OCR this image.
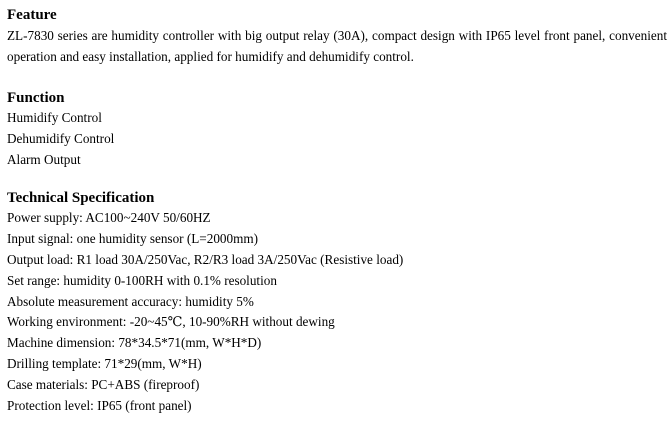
Feature

ZL-7830 series are humidity controller with big output relay (30A), compact design with IP65 level front panel, convenient operation and easy installation, applied for humidify and dehumidify control.

Function

Humidify Control

Dehumidify Control

Alarm Output

Technical Specification

Power supply: AC100~240V 50/60HZ

Input signal: one humidity sensor (L=2000mm)

Output load: R1 load 30A/250Vac, R2/R3 load 3A/250Vac (Resistive load)

Set range: humidity 0-100RH with 0.1% resolution

Absolute measurement accuracy: humidity 5%

Working environment: -20~45℃, 10-90%RH without dewing

Machine dimension: 78*34.5*71(mm, W*H*D)

Drilling template: 71*29(mm, W*H)

Case materials: PC+ABS (fireproof)

Protection level: IP65 (front panel)
